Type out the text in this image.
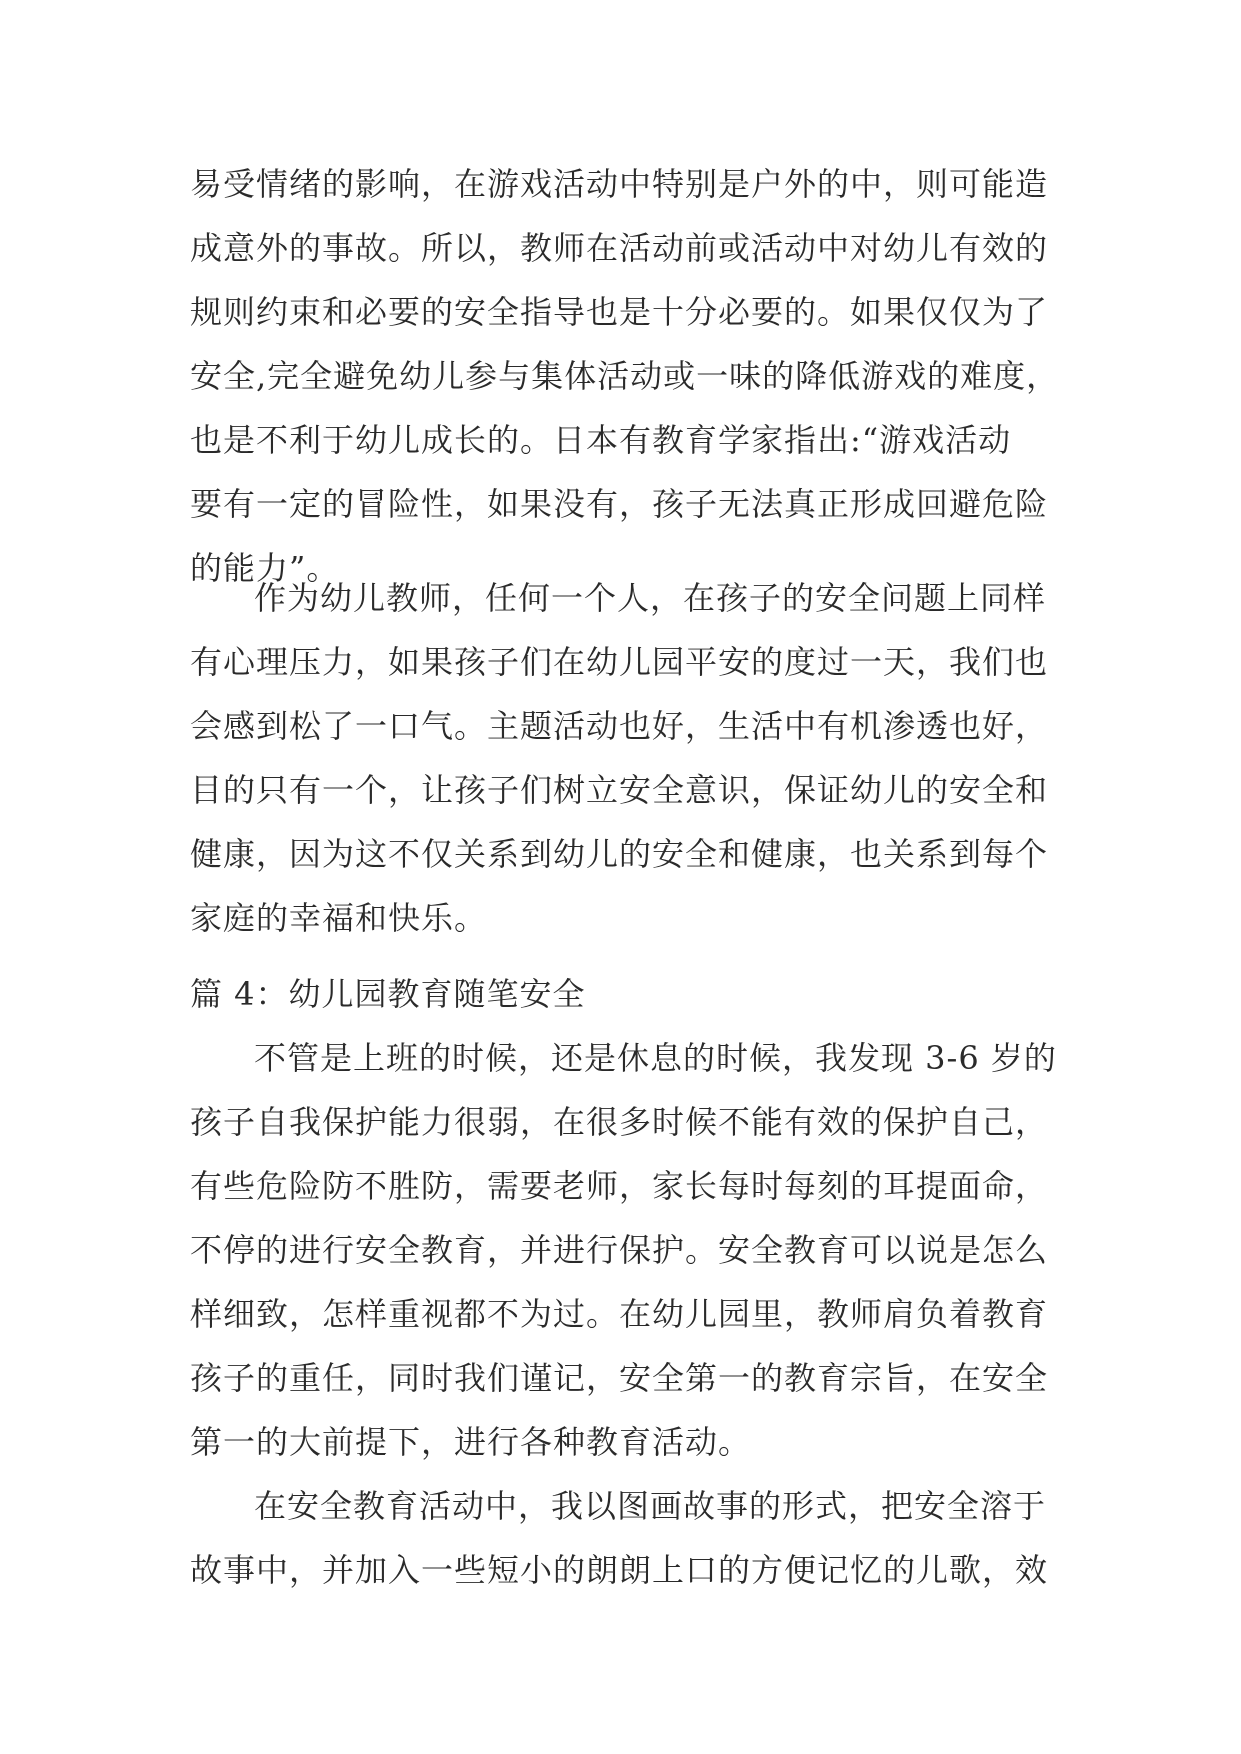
易受情绪的影响，在游戏活动中特别是户外的中，则可能造
成意外的事故。所以，教师在活动前或活动中对幼儿有效的
规则约束和必要的安全指导也是十分必要的。如果仅仅为了
安全,完全避免幼儿参与集体活动或一味的降低游戏的难度，
也是不利于幼儿成长的。日本有教育学家指出:“游戏活动
要有一定的冒险性，如果没有，孩子无法真正形成回避危险
的能力”。
作为幼儿教师，任何一个人，在孩子的安全问题上同样
有心理压力，如果孩子们在幼儿园平安的度过一天，我们也
会感到松了一口气。主题活动也好，生活中有机渗透也好，
目的只有一个，让孩子们树立安全意识，保证幼儿的安全和
健康，因为这不仅关系到幼儿的安全和健康，也关系到每个
家庭的幸福和快乐。
篇 4：幼儿园教育随笔安全
不管是上班的时候，还是休息的时候，我发现 3-6 岁的
孩子自我保护能力很弱，在很多时候不能有效的保护自己，
有些危险防不胜防，需要老师，家长每时每刻的耳提面命，
不停的进行安全教育，并进行保护。安全教育可以说是怎么
样细致，怎样重视都不为过。在幼儿园里，教师肩负着教育
孩子的重任，同时我们谨记，安全第一的教育宗旨，在安全
第一的大前提下，进行各种教育活动。
在安全教育活动中，我以图画故事的形式，把安全溶于
故事中，并加入一些短小的朗朗上口的方便记忆的儿歌，效
